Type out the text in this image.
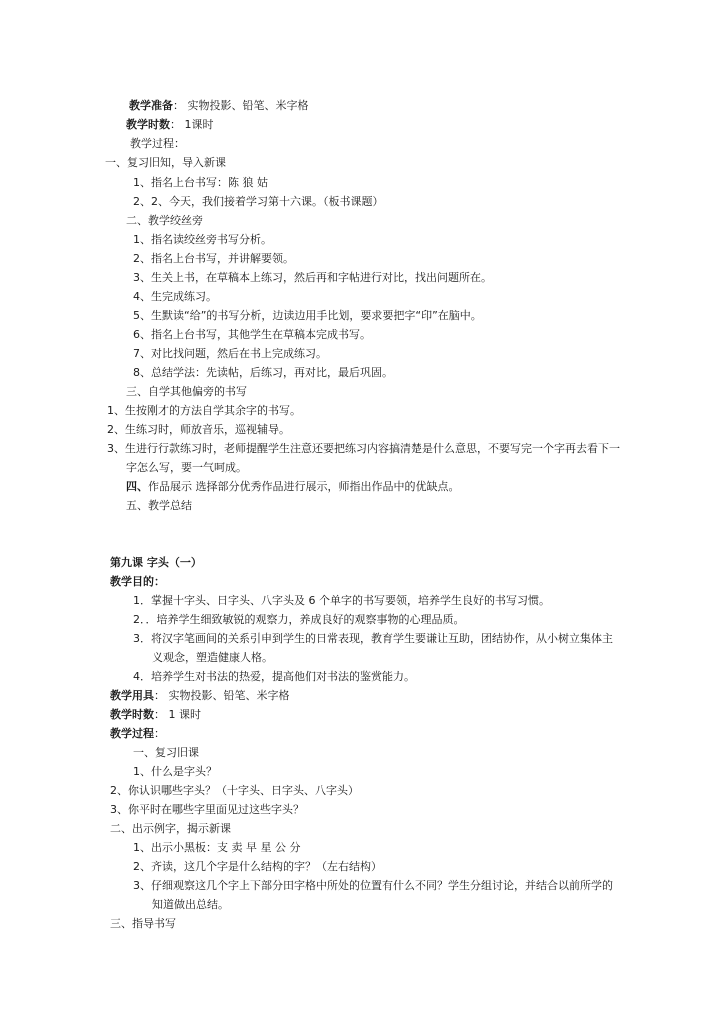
教学准备： 实物投影、铅笔、米字格
教学时数： 1课时
教学过程：
一、复习旧知，导入新课
1、指名上台书写：陈 狼 姑
2、2、今天，我们接着学习第十六课。（板书课题）
二、教学绞丝旁
1、指名读绞丝旁书写分析。
2、指名上台书写，并讲解要领。
3、生关上书，在草稿本上练习，然后再和字帖进行对比，找出问题所在。
4、生完成练习。
5、生默读“给”的书写分析，边读边用手比划，要求要把字“印”在脑中。
6、指名上台书写，其他学生在草稿本完成书写。
7、对比找问题，然后在书上完成练习。
8、总结学法：先读帖，后练习，再对比，最后巩固。
三、自学其他偏旁的书写
1、生按刚才的方法自学其余字的书写。
2、生练习时，师放音乐，巡视辅导。
3、生进行行款练习时，老师提醒学生注意还要把练习内容搞清楚是什么意思，不要写完一个字再去看下一
字怎么写，要一气呵成。
四、作品展示 选择部分优秀作品进行展示，师指出作品中的优缺点。
五、教学总结
第九课 字头（一）
教学目的：
1．掌握十字头、日字头、八字头及 6 个单字的书写要领，培养学生良好的书写习惯。
2．．培养学生细致敏锐的观察力，养成良好的观察事物的心理品质。
3．将汉字笔画间的关系引申到学生的日常表现，教育学生要谦让互助，团结协作，从小树立集体主
义观念，塑造健康人格。
4．培养学生对书法的热爱，提高他们对书法的鉴赏能力。
教学用具： 实物投影、铅笔、米字格
教学时数： 1 课时
教学过程：
一、复习旧课
1、什么是字头？
2、你认识哪些字头？（十字头、日字头、八字头）
3、你平时在哪些字里面见过这些字头？
二、出示例字，揭示新课
1、出示小黑板：支 卖 早 星 公 分
2、齐读，这几个字是什么结构的字？（左右结构）
3、仔细观察这几个字上下部分田字格中所处的位置有什么不同？学生分组讨论，并结合以前所学的
知道做出总结。
三、指导书写
